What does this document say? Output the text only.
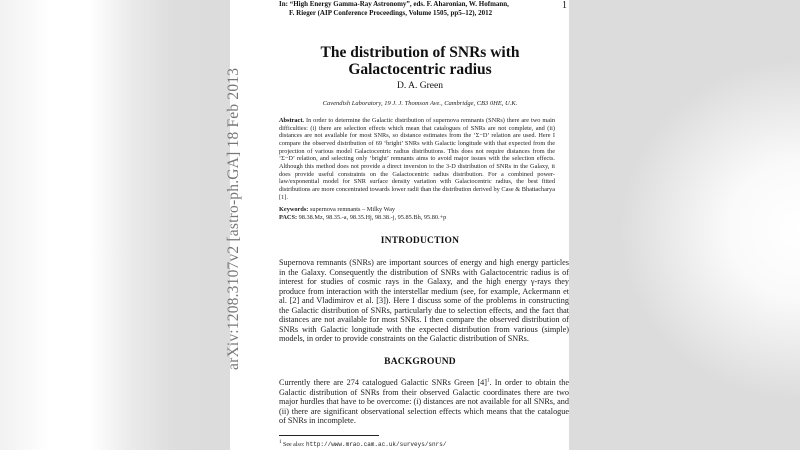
arXiv:1208.3107v2 [astro-ph.GA] 18 Feb 2013
1
In: “High Energy Gamma-Ray Astronomy”, eds. F. Aharonian, W. Hofmann,
F. Rieger (AIP Conference Proceedings, Volume 1505, pp5–12), 2012
The distribution of SNRs with
Galactocentric radius
D. A. Green
Cavendish Laboratory, 19 J. J. Thomson Ave., Cambridge, CB3 0HE, U.K.
Abstract. In order to determine the Galactic distribution of supernova remnants (SNRs) there are two main difficulties: (i) there are selection effects which mean that catalogues of SNRs are not complete, and (ii) distances are not available for most SNRs, so distance estimates from the ‘Σ−D’ relation are used. Here I compare the observed distribution of 69 ‘bright’ SNRs with Galactic longitude with that expected from the projection of various model Galactocentric radius distributions. This does not require distances from the ‘Σ−D’ relation, and selecting only ‘bright’ remnants aims to avoid major issues with the selection effects. Although this method does not provide a direct inversion to the 3-D distribution of SNRs in the Galaxy, it does provide useful constraints on the Galactocentric radius distribution. For a combined power-law/exponential model for SNR surface density variation with Galactocentric radius, the best fitted distributions are more concentrated towards lower radii than the distribution derived by Case & Bhattacharya [1].
Keywords: supernova remnants – Milky Way
PACS: 98.38.Mz, 98.35.-a, 98.35.Hj, 98.38.-j, 95.85.Bh, 95.80.+p
INTRODUCTION
Supernova remnants (SNRs) are important sources of energy and high energy particles in the Galaxy. Consequently the distribution of SNRs with Galactocentric radius is of interest for studies of cosmic rays in the Galaxy, and the high energy γ-rays they produce from interaction with the interstellar medium (see, for example, Ackermann et al. [2] and Vladimirov et al. [3]). Here I discuss some of the problems in constructing the Galactic distribution of SNRs, particularly due to selection effects, and the fact that distances are not available for most SNRs. I then compare the observed distribution of SNRs with Galactic longitude with the expected distribution from various (simple) models, in order to provide constraints on the Galactic distribution of SNRs.
BACKGROUND
Currently there are 274 catalogued Galactic SNRs Green $[4]^1$. In order to obtain the Galactic distribution of SNRs from their observed Galactic coordinates there are two major hurdles that have to be overcome: (i) distances are not available for all SNRs, and (ii) there are significant observational selection effects which means that the catalogue of SNRs in incomplete.
$^1$ See also: http://www.mrao.cam.ac.uk/surveys/snrs/
